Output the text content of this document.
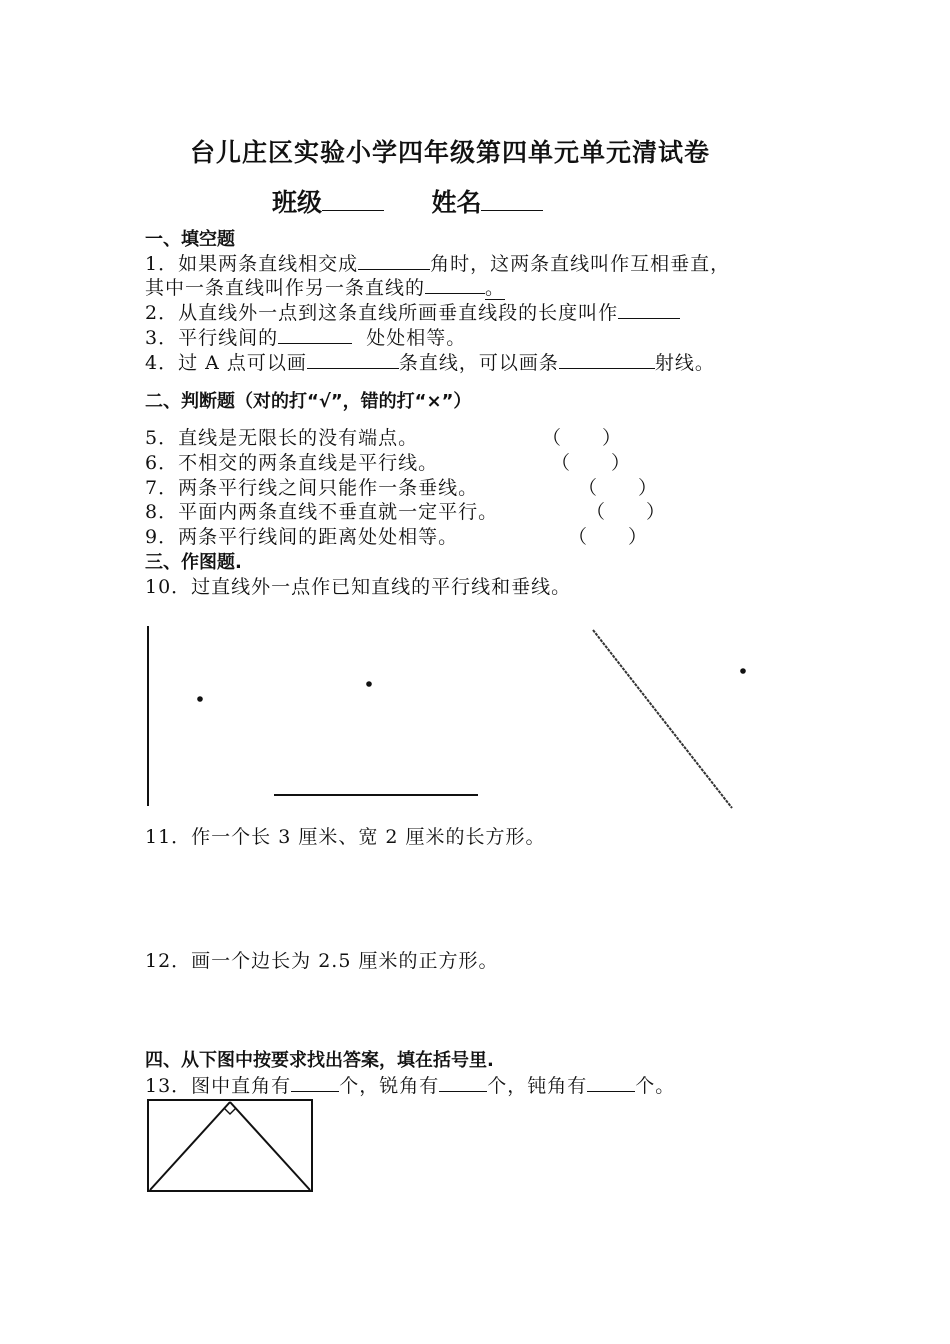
台儿庄区实验小学四年级第四单元单元清试卷
班级	姓名
一、填空题
1．如果两条直线相交成	角时，这两条直线叫作互相垂直，
其中一条直线叫作另一条直线的	。
2．从直线外一点到这条直线所画垂直线段的长度叫作
3．平行线间的	处处相等。
4．过 A 点可以画	条直线，可以画条	射线。
二、判断题（对的打“√”，错的打“×”）
5．直线是无限长的没有端点。	（　　）
6．不相交的两条直线是平行线。	（　　）
7．两条平行线之间只能作一条垂线。	（　　）
8．平面内两条直线不垂直就一定平行。	（　　）
9．两条平行线间的距离处处相等。	（　　）
三、作图题.
10．过直线外一点作已知直线的平行线和垂线。
11．作一个长 3 厘米、宽 2 厘米的长方形。
12．画一个边长为 2.5 厘米的正方形。
四、从下图中按要求找出答案，填在括号里.
13．图中直角有	个，锐角有	个，钝角有	个。
